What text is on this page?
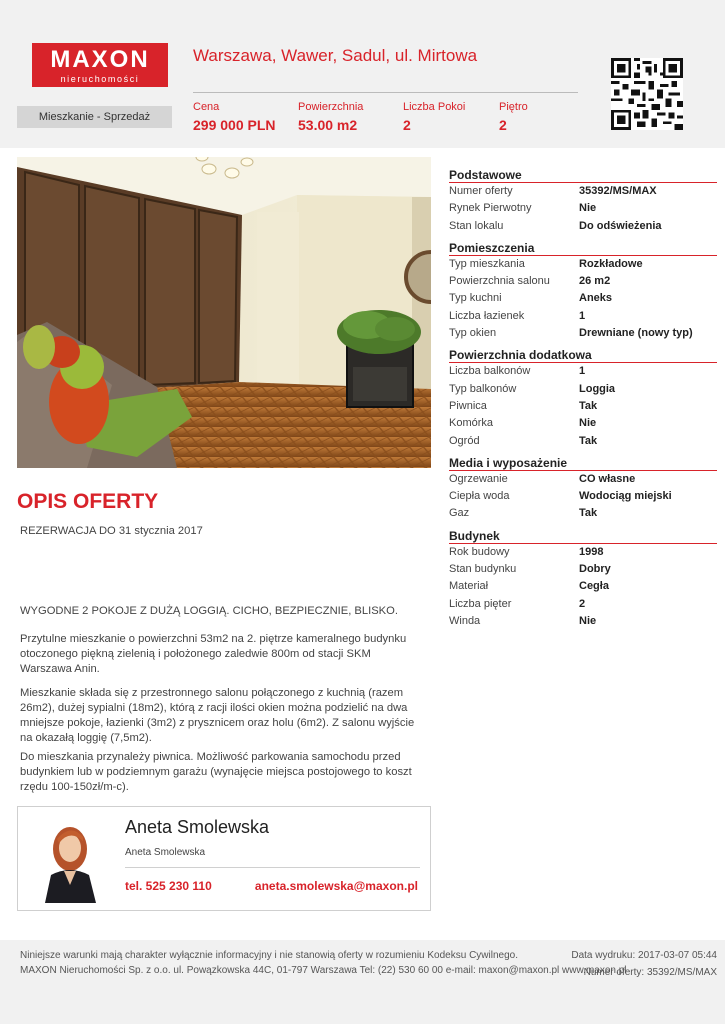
MAXON
nieruchomości
Warszawa, Wawer, Sadul, ul. Mirtowa
Mieszkanie - Sprzedaż
Cena
299 000 PLN
Powierzchnia
53.00 m2
Liczba Pokoi
2
Piętro
2
Podstawowe
Numer oferty	35392/MS/MAX
Rynek Pierwotny	Nie
Stan lokalu	Do odświeżenia
Pomieszczenia
Typ mieszkania	Rozkładowe
Powierzchnia salonu	26 m2
Typ kuchni	Aneks
Liczba łazienek	1
Typ okien	Drewniane (nowy typ)
Powierzchnia dodatkowa
Liczba balkonów	1
Typ balkonów	Loggia
Piwnica	Tak
Komórka	Nie
Ogród	Tak
Media i wyposażenie
Ogrzewanie	CO własne
Ciepła woda	Wodociąg miejski
Gaz	Tak
Budynek
Rok budowy	1998
Stan budynku	Dobry
Materiał	Cegła
Liczba pięter	2
Winda	Nie
OPIS OFERTY
REZERWACJA DO 31 stycznia 2017
WYGODNE 2 POKOJE Z DUŻĄ LOGGIĄ. CICHO, BEZPIECZNIE, BLISKO.
Przytulne mieszkanie o powierzchni 53m2 na 2. piętrze kameralnego budynku otoczonego piękną zielenią i położonego zaledwie 800m od stacji SKM Warszawa Anin.
Mieszkanie składa się z przestronnego salonu połączonego z kuchnią (razem 26m2), dużej sypialni (18m2), którą z racji ilości okien można podzielić na dwa mniejsze pokoje, łazienki (3m2) z prysznicem oraz holu (6m2). Z salonu wyjście na okazałą loggię (7,5m2).
Do mieszkania przynależy piwnica. Możliwość parkowania samochodu przed budynkiem lub w podziemnym garażu (wynajęcie miejsca postojowego to koszt rzędu 100-150zł/m-c).
Aneta Smolewska
Aneta Smolewska
tel. 525 230 110	aneta.smolewska@maxon.pl
Niniejsze warunki mają charakter wyłącznie informacyjny i nie stanowią oferty w rozumieniu Kodeksu Cywilnego.
MAXON Nieruchomości Sp. z o.o. ul. Powązkowska 44C, 01-797 Warszawa Tel: (22) 530 60 00 e-mail: maxon@maxon.pl www.maxon.pl
Data wydruku: 2017-03-07 05:44
Numer oferty: 35392/MS/MAX
